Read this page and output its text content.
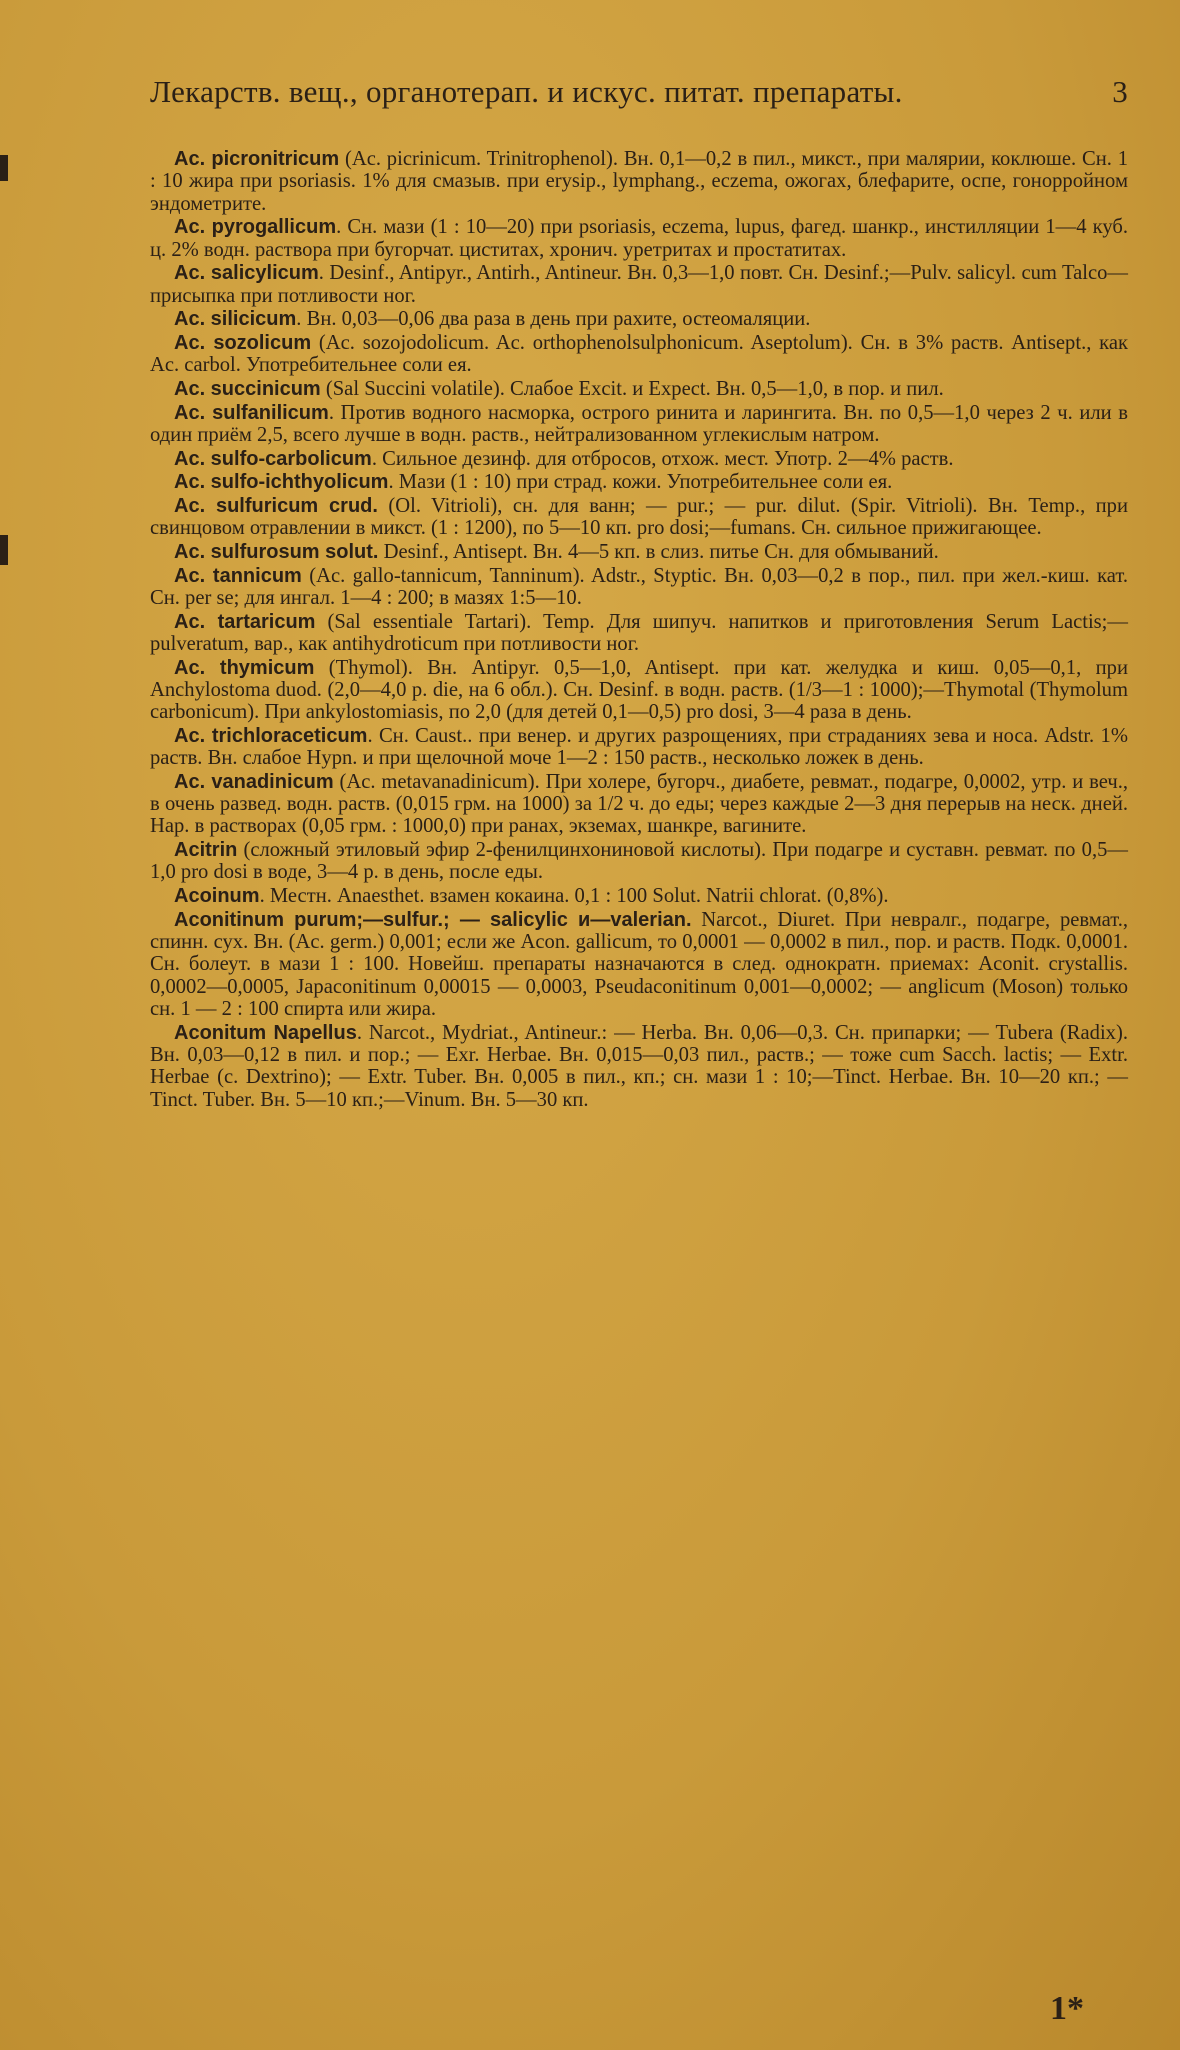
Лекарств. вещ., органотерап. и искус. питат. препараты.	3

Ac. picronitricum (Ac. picrinicum. Trinitrophenol). Вн. 0,1—0,2 в пил., микст., при малярии, коклюше. Сн. 1 : 10 жира при psoriasis. 1% для смазыв. при erysip., lymphang., eczema, ожогах, блефарите, оспе, гонорройном эндометрите.

Ac. pyrogallicum. Сн. мази (1 : 10—20) при psoriasis, eczema, lupus, фагед. шанкр., инстилляции 1—4 куб. ц. 2% водн. раствора при бугорчат. циститах, хронич. уретритах и простатитах.

Ac. salicylicum. Desinf., Antipyr., Antirh., Antineur. Вн. 0,3—1,0 повт. Сн. Desinf.;—Pulv. salicyl. cum Talco—присыпка при потливости ног.

Ac. silicicum. Вн. 0,03—0,06 два раза в день при рахите, остеомаляции.

Ac. sozolicum (Ac. sozojodolicum. Ac. orthophenolsulphonicum. Aseptolum). Сн. в 3% раств. Antisept., как Ac. carbol. Употребительнее соли ея.

Ac. succinicum (Sal Succini volatile). Слабое Excit. и Expect. Вн. 0,5—1,0, в пор. и пил.

Ac. sulfanilicum. Против водного насморка, острого ринита и ларингита. Вн. по 0,5—1,0 через 2 ч. или в один приём 2,5, всего лучше в водн. раств., нейтрализованном углекислым натром.

Ac. sulfo-carbolicum. Сильное дезинф. для отбросов, отхож. мест. Употр. 2—4% раств.

Ac. sulfo-ichthyolicum. Мази (1 : 10) при страд. кожи. Употребительнее соли ея.

Ac. sulfuricum crud. (Ol. Vitrioli), сн. для ванн; — pur.; — pur. dilut. (Spir. Vitrioli). Вн. Temp., при свинцовом отравлении в микст. (1 : 1200), по 5—10 кп. pro dosi;—fumans. Сн. сильное прижигающее.

Ac. sulfurosum solut. Desinf., Antisept. Вн. 4—5 кп. в слиз. питье Сн. для обмываний.

Ac. tannicum (Ac. gallo-tannicum, Tanninum). Adstr., Styptic. Вн. 0,03—0,2 в пор., пил. при жел.-киш. кат. Сн. per se; для ингал. 1—4 : 200; в мазях 1:5—10.

Ac. tartaricum (Sal essentiale Tartari). Temp. Для шипуч. напитков и приготовления Serum Lactis;—pulveratum, вар., как antihydroticum при потливости ног.

Ac. thymicum (Thymol). Вн. Antipyr. 0,5—1,0, Antisept. при кат. желудка и киш. 0,05—0,1, при Anchylostoma duod. (2,0—4,0 p. die, на 6 обл.). Сн. Desinf. в водн. раств. (1/3—1 : 1000);—Thymotal (Thymolum carbonicum). При ankylostomiasis, по 2,0 (для детей 0,1—0,5) pro dosi, 3—4 раза в день.

Ac. trichloraceticum. Сн. Caust.. при венер. и других разрощениях, при страданиях зева и носа. Adstr. 1% раств. Вн. слабое Hypn. и при щелочной моче 1—2 : 150 раств., несколько ложек в день.

Ac. vanadinicum (Ac. metavanadinicum). При холере, бугорч., диабете, ревмат., подагре, 0,0002, утр. и веч., в очень развед. водн. раств. (0,015 грм. на 1000) за 1/2 ч. до еды; через каждые 2—3 дня перерыв на неск. дней. Нар. в растворах (0,05 грм. : 1000,0) при ранах, экземах, шанкре, вагините.

Acitrin (сложный этиловый эфир 2-фенилцинхониновой кислоты). При подагре и суставн. ревмат. по 0,5—1,0 pro dosi в воде, 3—4 р. в день, после еды.

Acoinum. Местн. Anaesthet. взамен кокаина. 0,1 : 100 Solut. Natrii chlorat. (0,8%).

Aconitinum purum;—sulfur.; — salicylic и—valerian. Narcot., Diuret. При невралг., подагре, ревмат., спинн. сух. Вн. (Ac. germ.) 0,001; если же Acon. gallicum, то 0,0001 — 0,0002 в пил., пор. и раств. Подк. 0,0001. Сн. болеут. в мази 1 : 100. Новейш. препараты назначаются в след. однократн. приемах: Aconit. crystallis. 0,0002—0,0005, Japaconitinum 0,00015 — 0,0003, Pseudaconitinum 0,001—0,0002; — anglicum (Moson) только сн. 1 — 2 : 100 спирта или жира.

Aconitum Napellus. Narcot., Mydriat., Antineur.: — Herba. Вн. 0,06—0,3. Сн. припарки; — Tubera (Radix). Вн. 0,03—0,12 в пил. и пор.; — Exr. Herbae. Вн. 0,015—0,03 пил., раств.; — тоже cum Sacch. lactis; — Extr. Herbae (c. Dextrino); — Extr. Tuber. Вн. 0,005 в пил., кп.; сн. мази 1 : 10;—Tinct. Herbae. Вн. 10—20 кп.; — Tinct. Tuber. Вн. 5—10 кп.;—Vinum. Вн. 5—30 кп.

1*
